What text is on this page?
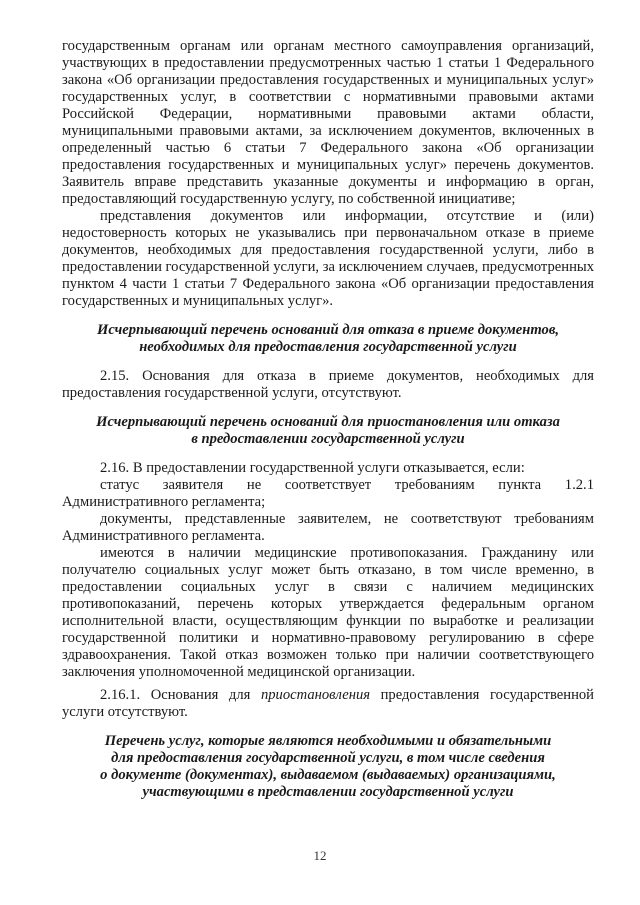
государственным органам или органам местного самоуправления организаций, участвующих в предоставлении предусмотренных частью 1 статьи 1 Федерального закона «Об организации предоставления государственных и муниципальных услуг» государственных услуг, в соответствии с нормативными правовыми актами Российской Федерации, нормативными правовыми актами области, муниципальными правовыми актами, за исключением документов, включенных в определенный частью 6 статьи 7 Федерального закона «Об организации предоставления государственных и муниципальных услуг» перечень документов. Заявитель вправе представить указанные документы и информацию в орган, предоставляющий государственную услугу, по собственной инициативе;

представления документов или информации, отсутствие и (или) недостоверность которых не указывались при первоначальном отказе в приеме документов, необходимых для предоставления государственной услуги, либо в предоставлении государственной услуги, за исключением случаев, предусмотренных пунктом 4 части 1 статьи 7 Федерального закона «Об организации предоставления государственных и муниципальных услуг».

Исчерпывающий перечень оснований для отказа в приеме документов,

необходимых для предоставления государственной услуги

2.15. Основания для отказа в приеме документов, необходимых для предоставления государственной услуги, отсутствуют.

Исчерпывающий перечень оснований для приостановления или отказа

в предоставлении государственной услуги

2.16. В предоставлении государственной услуги отказывается, если:

статус заявителя не соответствует требованиям пункта 1.2.1 Административного регламента;

документы, представленные заявителем, не соответствуют требованиям Административного регламента.

имеются в наличии медицинские противопоказания. Гражданину или получателю социальных услуг может быть отказано, в том числе временно, в предоставлении социальных услуг в связи с наличием медицинских противопоказаний, перечень которых утверждается федеральным органом исполнительной власти, осуществляющим функции по выработке и реализации государственной политики и нормативно-правовому регулированию в сфере здравоохранения. Такой отказ возможен только при наличии соответствующего заключения уполномоченной медицинской организации.

2.16.1. Основания для приостановления предоставления государственной услуги отсутствуют.

Перечень услуг, которые являются необходимыми и обязательными

для предоставления государственной услуги, в том числе сведения

о документе (документах), выдаваемом (выдаваемых) организациями,

участвующими в представлении государственной услуги

12
